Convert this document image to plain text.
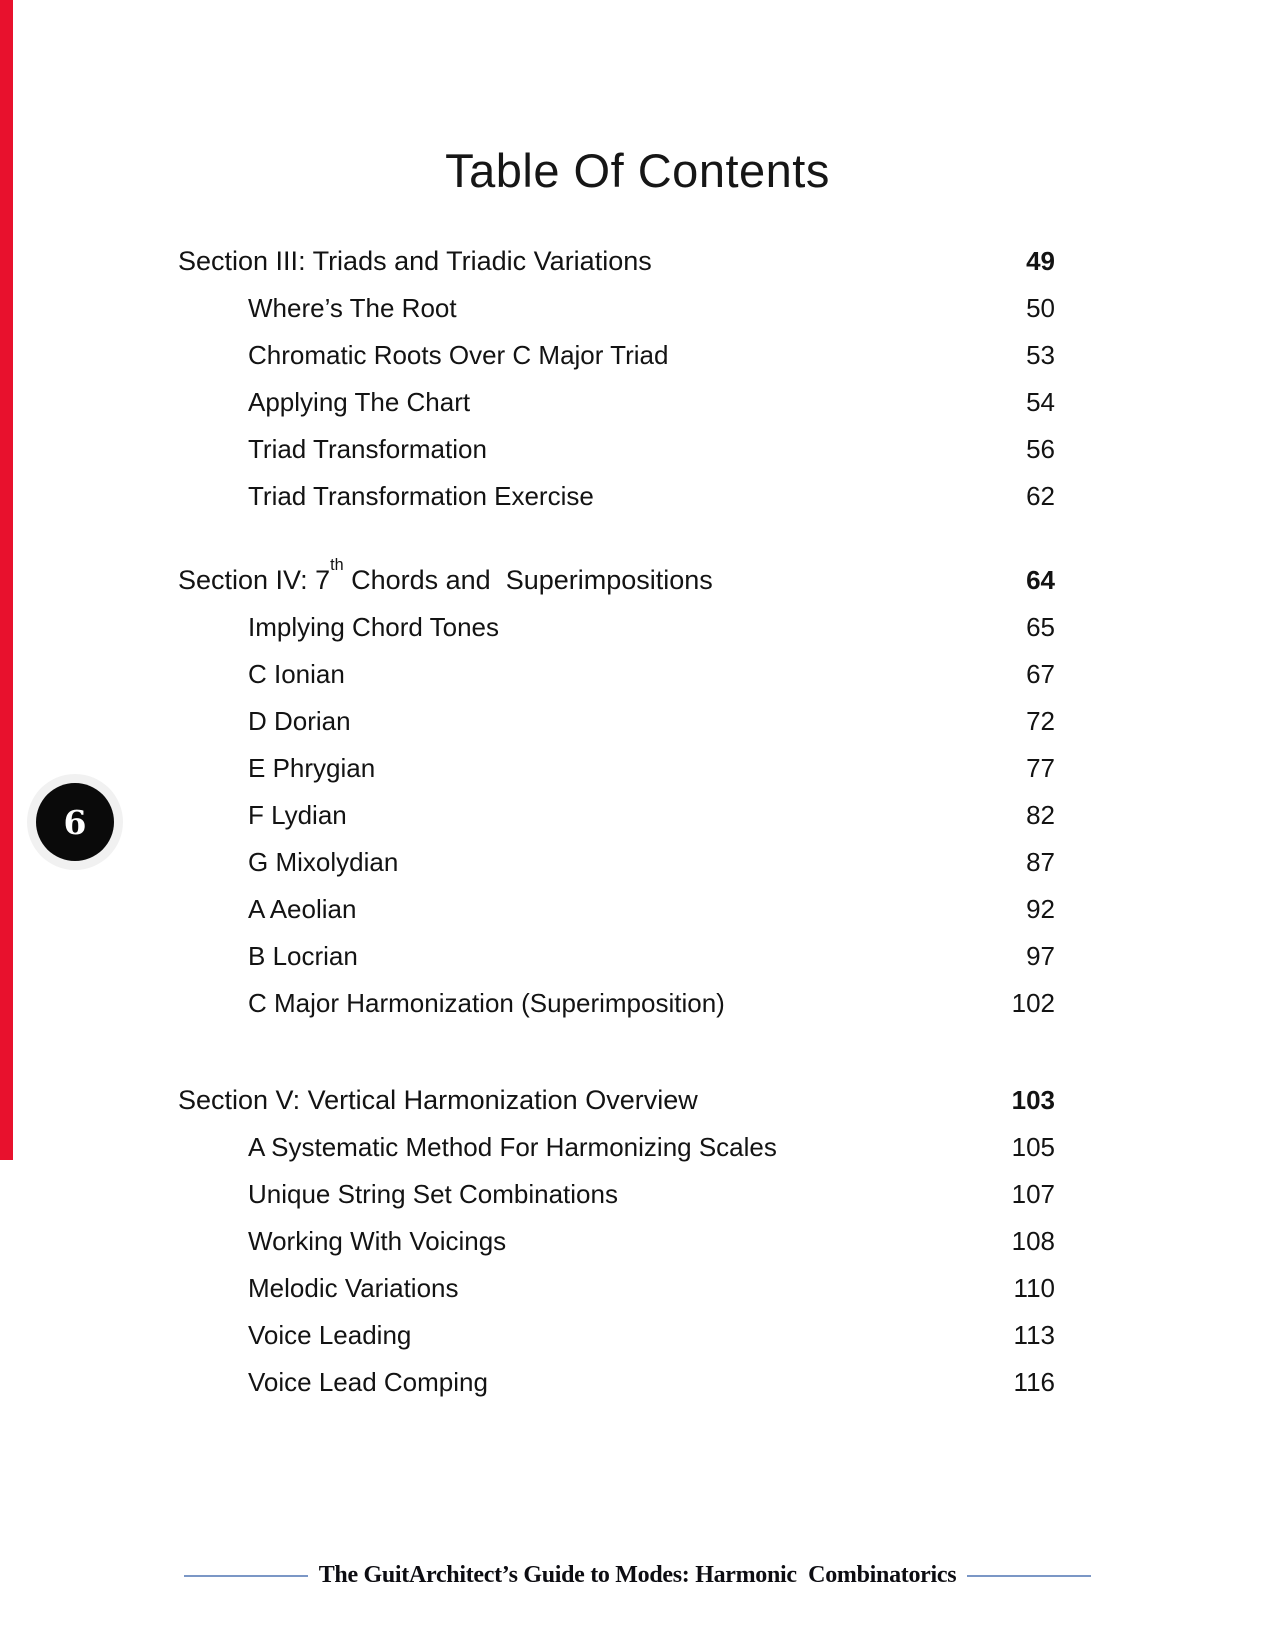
6
Table Of Contents
Section III: Triads and Triadic Variations	49
Where’s The Root	50
Chromatic Roots Over C Major Triad	53
Applying The Chart	54
Triad Transformation	56
Triad Transformation Exercise	62
Section IV: 7th Chords and  Superimpositions	64
Implying Chord Tones	65
C Ionian	67
D Dorian	72
E Phrygian	77
F Lydian	82
G Mixolydian	87
A Aeolian	92
B Locrian	97
C Major Harmonization (Superimposition)	102
Section V: Vertical Harmonization Overview	103
A Systematic Method For Harmonizing Scales	105
Unique String Set Combinations	107
Working With Voicings	108
Melodic Variations	110
Voice Leading	113
Voice Lead Comping	116
The GuitArchitect’s Guide to Modes: Harmonic  Combinatorics
